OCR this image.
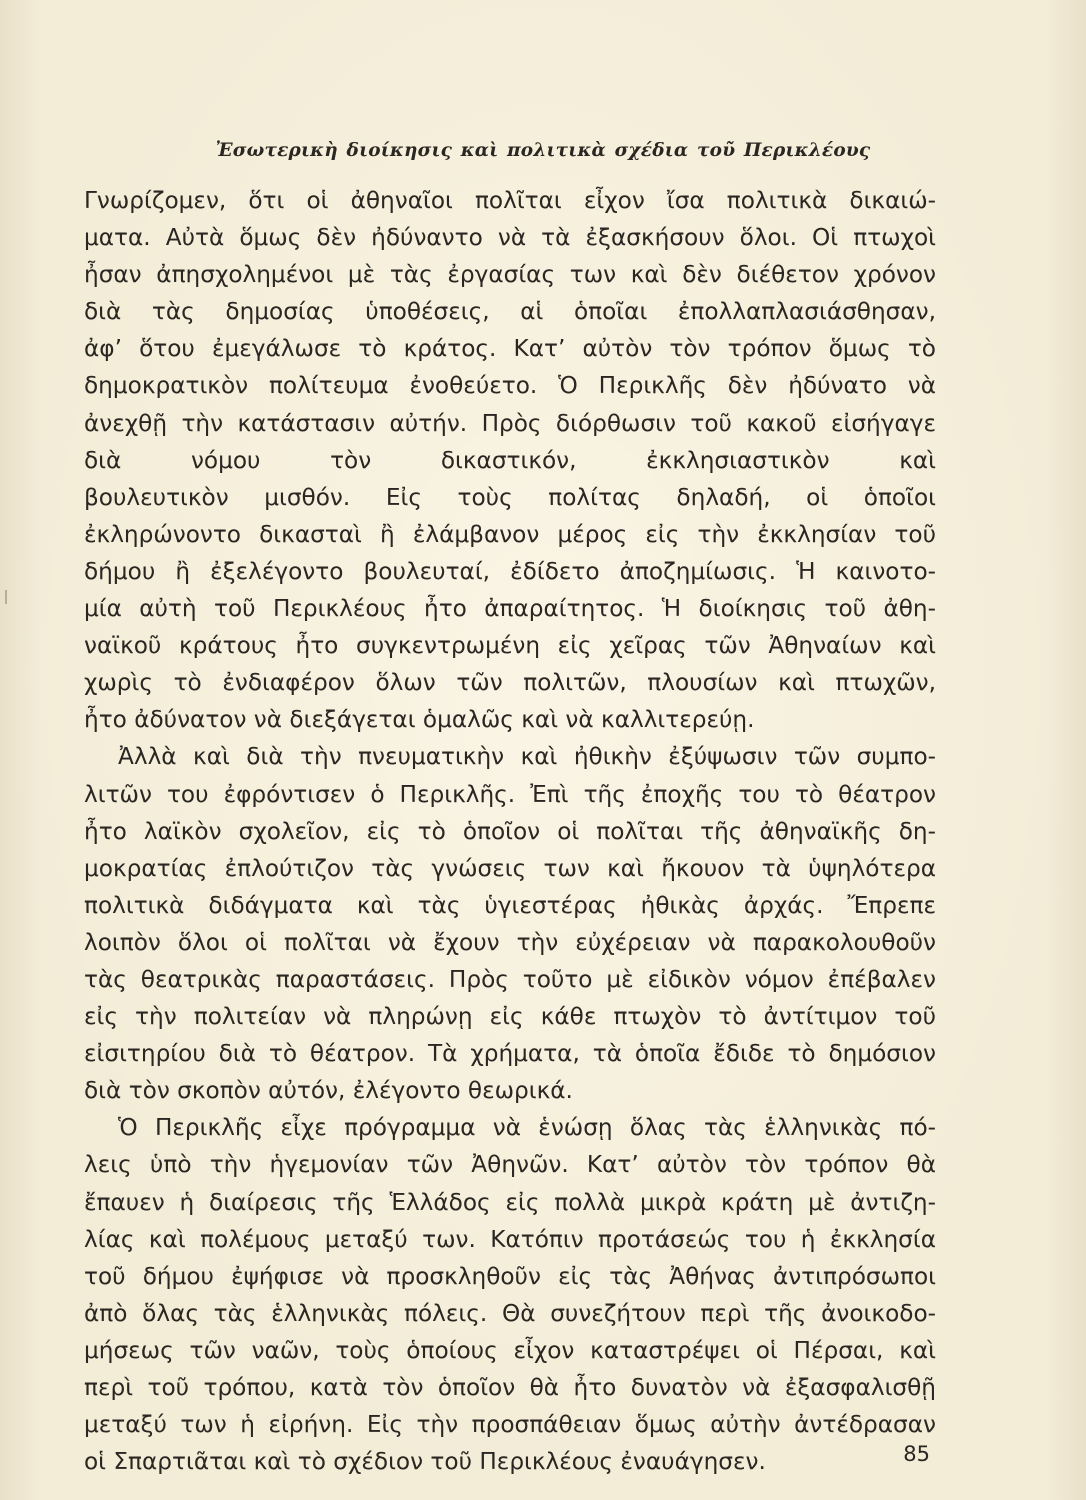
Ἐσωτερικὴ διοίκησις καὶ πολιτικὰ σχέδια τοῦ Περικλέους
Γνωρίζομεν, ὅτι οἱ ἀθηναῖοι πολῖται εἶχον ἴσα πολιτικὰ δικαιώ-
ματα. Αὐτὰ ὅμως δὲν ἠδύναντο νὰ τὰ ἐξασκήσουν ὅλοι. Οἱ πτωχοὶ
ἦσαν ἀπησχολημένοι μὲ τὰς ἐργασίας των καὶ δὲν διέθετον χρόνον
διὰ τὰς δημοσίας ὑποθέσεις, αἱ ὁποῖαι ἐπολλαπλασιάσθησαν,
ἀφ’ ὅτου ἐμεγάλωσε τὸ κράτος. Κατ’ αὐτὸν τὸν τρόπον ὅμως τὸ
δημοκρατικὸν πολίτευμα ἐνοθεύετο. Ὁ Περικλῆς δὲν ἠδύνατο νὰ
ἀνεχθῇ τὴν κατάστασιν αὐτήν. Πρὸς διόρθωσιν τοῦ κακοῦ εἰσήγαγε
διὰ νόμου τὸν δικαστικόν, ἐκκλησιαστικὸν καὶ
βουλευτικὸν μισθόν. Εἰς τοὺς πολίτας δηλαδή, οἱ ὁποῖοι
ἐκληρώνοντο δικασταὶ ἢ ἐλάμβανον μέρος εἰς τὴν ἐκκλησίαν τοῦ
δήμου ἢ ἐξελέγοντο βουλευταί, ἐδίδετο ἀποζημίωσις. Ἡ καινοτο-
μία αὐτὴ τοῦ Περικλέους ἦτο ἀπαραίτητος. Ἡ διοίκησις τοῦ ἀθη-
ναϊκοῦ κράτους ἦτο συγκεντρωμένη εἰς χεῖρας τῶν Ἀθηναίων καὶ
χωρὶς τὸ ἐνδιαφέρον ὅλων τῶν πολιτῶν, πλουσίων καὶ πτωχῶν,
ἦτο ἀδύνατον νὰ διεξάγεται ὁμαλῶς καὶ νὰ καλλιτερεύῃ.
Ἀλλὰ καὶ διὰ τὴν πνευματικὴν καὶ ἠθικὴν ἐξύψωσιν τῶν συμπο-
λιτῶν του ἐφρόντισεν ὁ Περικλῆς. Ἐπὶ τῆς ἐποχῆς του τὸ θέατρον
ἦτο λαϊκὸν σχολεῖον, εἰς τὸ ὁποῖον οἱ πολῖται τῆς ἀθηναϊκῆς δη-
μοκρατίας ἐπλούτιζον τὰς γνώσεις των καὶ ἤκουον τὰ ὑψηλότερα
πολιτικὰ διδάγματα καὶ τὰς ὑγιεστέρας ἠθικὰς ἀρχάς. Ἔπρεπε
λοιπὸν ὅλοι οἱ πολῖται νὰ ἔχουν τὴν εὐχέρειαν νὰ παρακολουθοῦν
τὰς θεατρικὰς παραστάσεις. Πρὸς τοῦτο μὲ εἰδικὸν νόμον ἐπέβαλεν
εἰς τὴν πολιτείαν νὰ πληρώνῃ εἰς κάθε πτωχὸν τὸ ἀντίτιμον τοῦ
εἰσιτηρίου διὰ τὸ θέατρον. Τὰ χρήματα, τὰ ὁποῖα ἔδιδε τὸ δημόσιον
διὰ τὸν σκοπὸν αὐτόν, ἐλέγοντο θεωρικά.
Ὁ Περικλῆς εἶχε πρόγραμμα νὰ ἑνώσῃ ὅλας τὰς ἑλληνικὰς πό-
λεις ὑπὸ τὴν ἡγεμονίαν τῶν Ἀθηνῶν. Κατ’ αὐτὸν τὸν τρόπον θὰ
ἔπαυεν ἡ διαίρεσις τῆς Ἑλλάδος εἰς πολλὰ μικρὰ κράτη μὲ ἀντιζη-
λίας καὶ πολέμους μεταξύ των. Κατόπιν προτάσεώς του ἡ ἐκκλησία
τοῦ δήμου ἐψήφισε νὰ προσκληθοῦν εἰς τὰς Ἀθήνας ἀντιπρόσωποι
ἀπὸ ὅλας τὰς ἑλληνικὰς πόλεις. Θὰ συνεζήτουν περὶ τῆς ἀνοικοδο-
μήσεως τῶν ναῶν, τοὺς ὁποίους εἶχον καταστρέψει οἱ Πέρσαι, καὶ
περὶ τοῦ τρόπου, κατὰ τὸν ὁποῖον θὰ ἦτο δυνατὸν νὰ ἐξασφαλισθῇ
μεταξύ των ἡ εἰρήνη. Εἰς τὴν προσπάθειαν ὅμως αὐτὴν ἀντέδρασαν
οἱ Σπαρτιᾶται καὶ τὸ σχέδιον τοῦ Περικλέους ἐναυάγησεν.	85
